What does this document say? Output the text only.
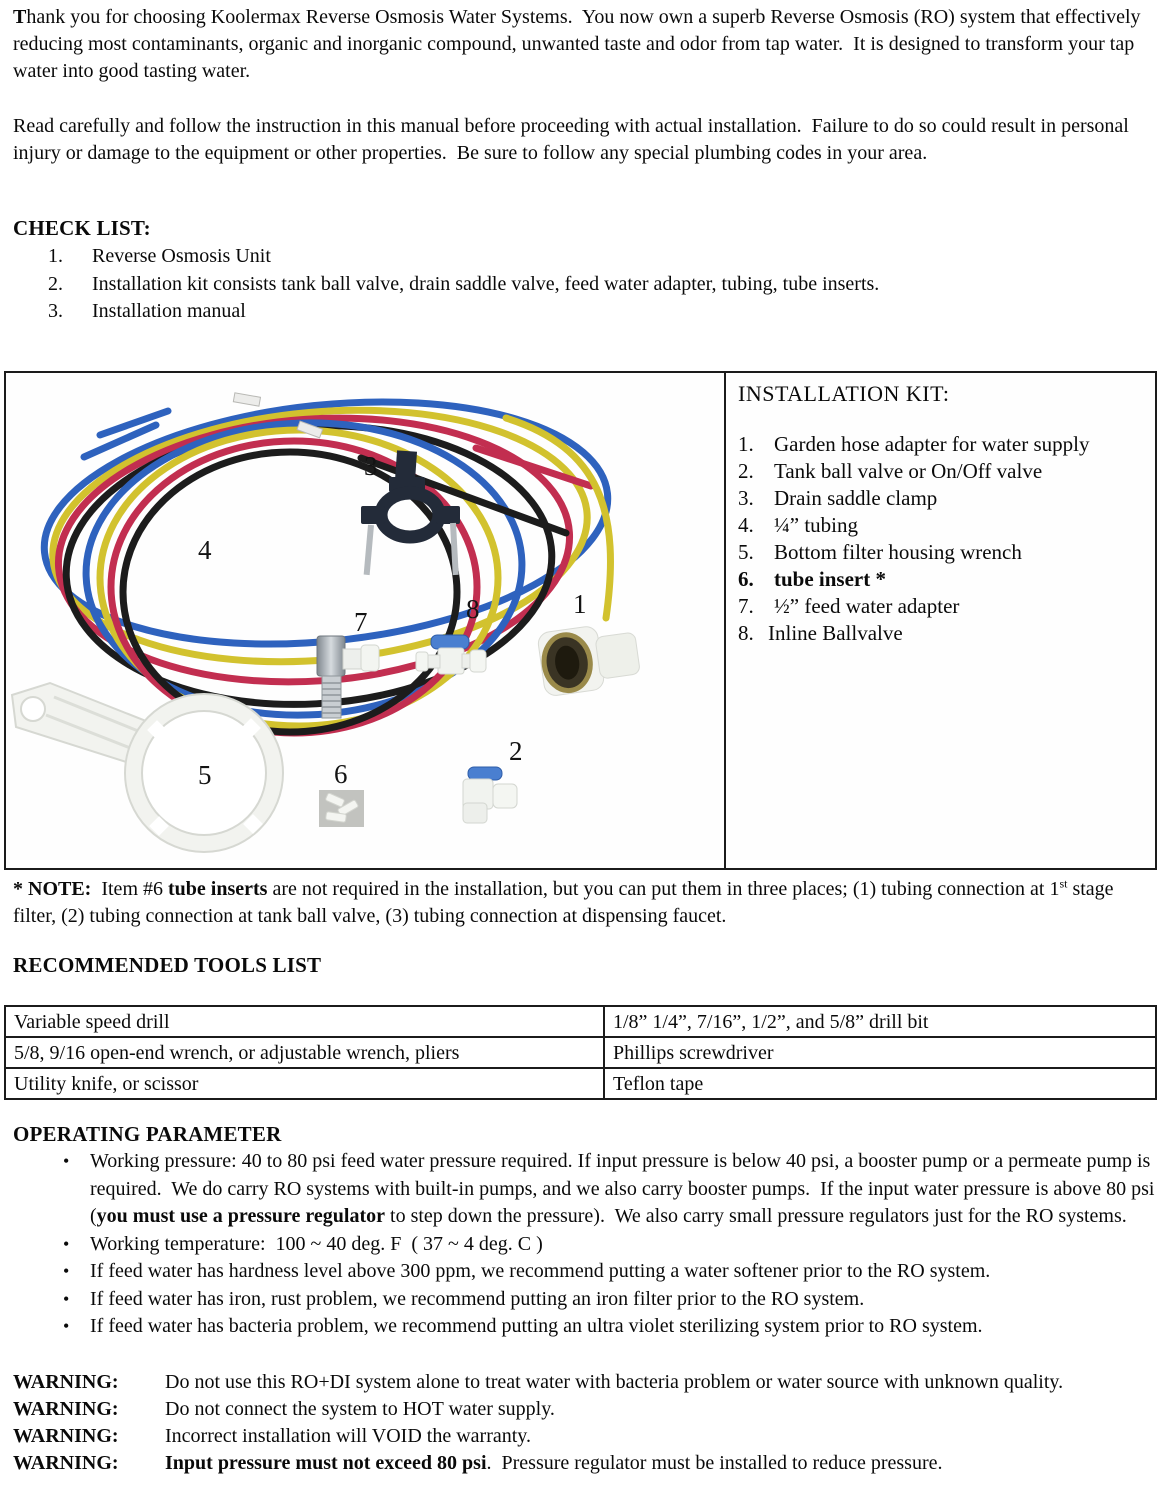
Thank you for choosing Koolermax Reverse Osmosis Water Systems.  You now own a superb Reverse Osmosis (RO) system that effectively reducing most contaminants, organic and inorganic compound, unwanted taste and odor from tap water.  It is designed to transform your tap water into good tasting water.
Read carefully and follow the instruction in this manual before proceeding with actual installation.  Failure to do so could result in personal injury or damage to the equipment or other properties.  Be sure to follow any special plumbing codes in your area.
CHECK LIST:
1.	Reverse Osmosis Unit
2.	Installation kit consists tank ball valve, drain saddle valve, feed water adapter, tubing, tube inserts.
3.	Installation manual
1
2
3
4
5	6
7	8
INSTALLATION KIT:
1. Garden hose adapter for water supply
2. Tank ball valve or On/Off valve
3. Drain saddle clamp
4. ¼” tubing
5. Bottom filter housing wrench
6. tube insert *
7. ½” feed water adapter
8. Inline Ballvalve
* NOTE:  Item #6 tube inserts are not required in the installation, but you can put them in three places; (1) tubing connection at 1st stage filter, (2) tubing connection at tank ball valve, (3) tubing connection at dispensing faucet.
RECOMMENDED TOOLS LIST
Variable speed drill	1/8” 1/4”, 7/16”, 1/2”, and 5/8” drill bit
5/8, 9/16 open-end wrench, or adjustable wrench, pliers	Phillips screwdriver
Utility knife, or scissor	Teflon tape
OPERATING PARAMETER
•	Working pressure: 40 to 80 psi feed water pressure required. If input pressure is below 40 psi, a booster pump or a permeate pump is required.  We do carry RO systems with built-in pumps, and we also carry booster pumps.  If the input water pressure is above 80 psi (you must use a pressure regulator to step down the pressure).  We also carry small pressure regulators just for the RO systems.
•	Working temperature:  100 ~ 40 deg. F  ( 37 ~ 4 deg. C )
•	If feed water has hardness level above 300 ppm, we recommend putting a water softener prior to the RO system.
•	If feed water has iron, rust problem, we recommend putting an iron filter prior to the RO system.
•	If feed water has bacteria problem, we recommend putting an ultra violet sterilizing system prior to RO system.
WARNING:	Do not use this RO+DI system alone to treat water with bacteria problem or water source with unknown quality.
WARNING:	Do not connect the system to HOT water supply.
WARNING:	Incorrect installation will VOID the warranty.
WARNING:	Input pressure must not exceed 80 psi.  Pressure regulator must be installed to reduce pressure.
